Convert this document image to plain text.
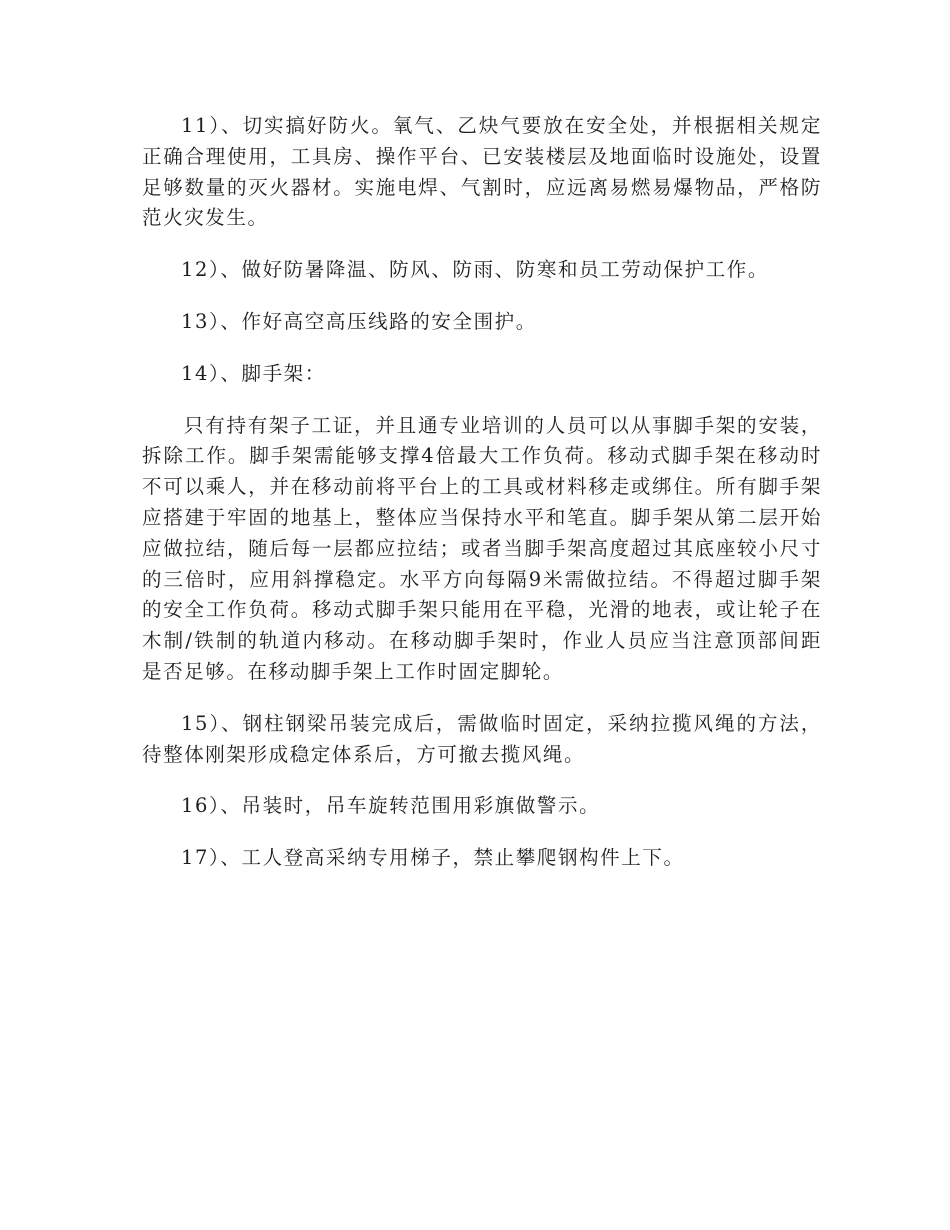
11）、切实搞好防火。氧气、乙炔气要放在安全处，并根据相关规定正确合理使用，工具房、操作平台、已安装楼层及地面临时设施处，设置足够数量的灭火器材。实施电焊、气割时，应远离易燃易爆物品，严格防范火灾发生。

12）、做好防暑降温、防风、防雨、防寒和员工劳动保护工作。

13）、作好高空高压线路的安全围护。

14）、脚手架：

只有持有架子工证，并且通专业培训的人员可以从事脚手架的安装，拆除工作。脚手架需能够支撑4倍最大工作负荷。移动式脚手架在移动时不可以乘人，并在移动前将平台上的工具或材料移走或绑住。所有脚手架应搭建于牢固的地基上，整体应当保持水平和笔直。脚手架从第二层开始应做拉结，随后每一层都应拉结；或者当脚手架高度超过其底座较小尺寸的三倍时，应用斜撑稳定。水平方向每隔9米需做拉结。不得超过脚手架的安全工作负荷。移动式脚手架只能用在平稳，光滑的地表，或让轮子在木制/铁制的轨道内移动。在移动脚手架时，作业人员应当注意顶部间距是否足够。在移动脚手架上工作时固定脚轮。

15）、钢柱钢梁吊装完成后，需做临时固定，采纳拉揽风绳的方法，待整体刚架形成稳定体系后，方可撤去揽风绳。

16）、吊装时，吊车旋转范围用彩旗做警示。

17）、工人登高采纳专用梯子，禁止攀爬钢构件上下。
